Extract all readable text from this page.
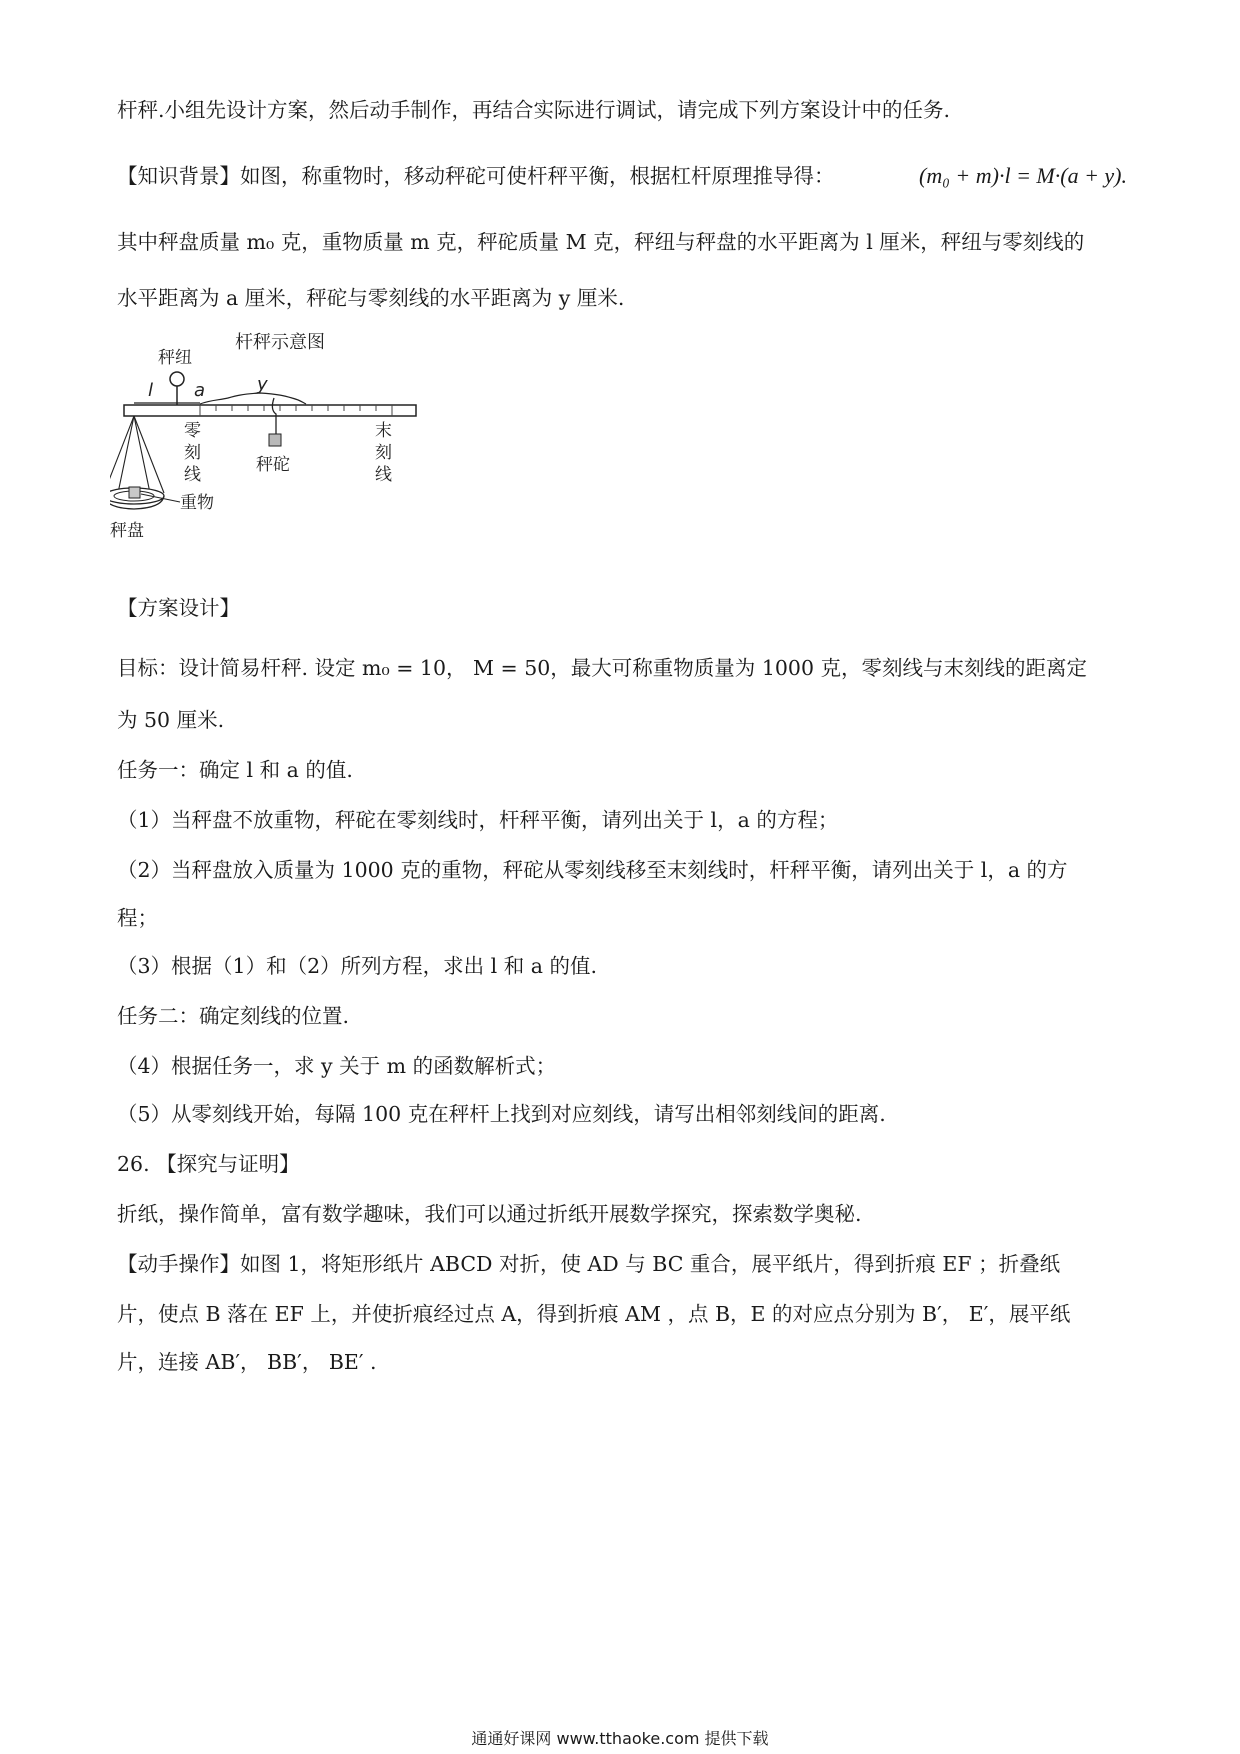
杆秤.小组先设计方案，然后动手制作，再结合实际进行调试，请完成下列方案设计中的任务.
【知识背景】如图，称重物时，移动秤砣可使杆秤平衡，根据杠杆原理推导得：	(m₀ + m)·l = M·(a + y).
其中秤盘质量 m₀ 克，重物质量 m 克，秤砣质量 M 克，秤纽与秤盘的水平距离为 l 厘米，秤纽与零刻线的
水平距离为 a 厘米，秤砣与零刻线的水平距离为 y 厘米.
杆秤示意图
秤纽
l a	y
零
刻
线
末
刻
线
秤砣
重物
秤盘
【方案设计】
目标：设计简易杆秤. 设定 m₀ = 10， M = 50，最大可称重物质量为 1000 克，零刻线与末刻线的距离定
为 50 厘米.
任务一：确定 l 和 a 的值.
（1）当秤盘不放重物，秤砣在零刻线时，杆秤平衡，请列出关于 l，a 的方程；
（2）当秤盘放入质量为 1000 克的重物，秤砣从零刻线移至末刻线时，杆秤平衡，请列出关于 l，a 的方
程；
（3）根据（1）和（2）所列方程，求出 l 和 a 的值.
任务二：确定刻线的位置.
（4）根据任务一，求 y 关于 m 的函数解析式；
（5）从零刻线开始，每隔 100 克在秤杆上找到对应刻线，请写出相邻刻线间的距离.
26. 【探究与证明】
折纸，操作简单，富有数学趣味，我们可以通过折纸开展数学探究，探索数学奥秘.
【动手操作】如图 1，将矩形纸片 ABCD 对折，使 AD 与 BC 重合，展平纸片，得到折痕 EF ；折叠纸
片，使点 B 落在 EF 上，并使折痕经过点 A，得到折痕 AM ，点 B，E 的对应点分别为 B′， E′，展平纸
片，连接 AB′， BB′， BE′ .
通通好课网 www.tthaoke.com 提供下载
